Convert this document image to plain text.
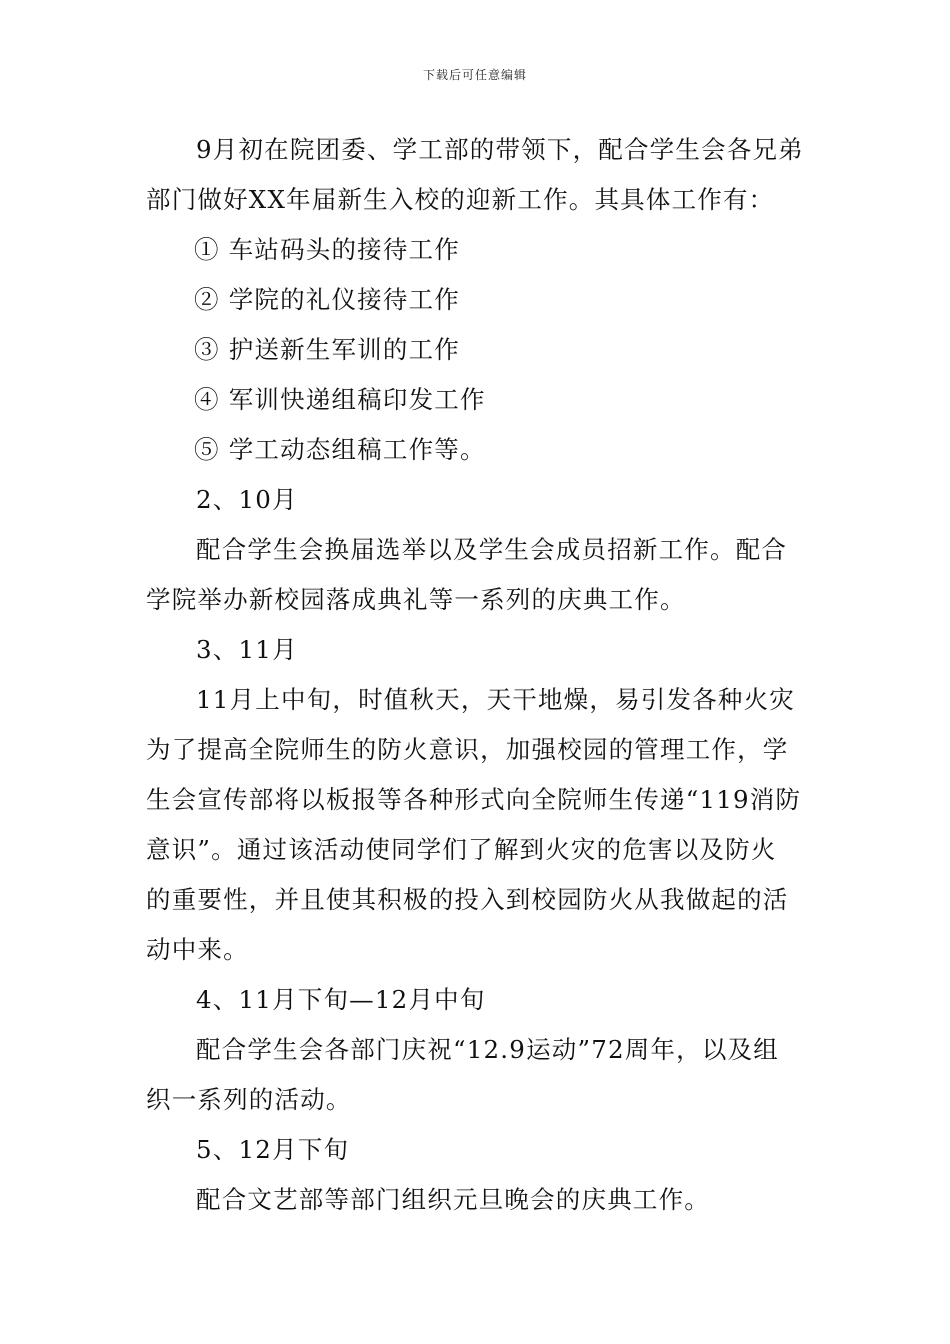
下载后可任意编辑
9月初在院团委、学工部的带领下，配合学生会各兄弟
部门做好XX年届新生入校的迎新工作。其具体工作有：
① 车站码头的接待工作
② 学院的礼仪接待工作
③ 护送新生军训的工作
④ 军训快递组稿印发工作
⑤ 学工动态组稿工作等。
2、10月
配合学生会换届选举以及学生会成员招新工作。配合
学院举办新校园落成典礼等一系列的庆典工作。
3、11月
11月上中旬，时值秋天，天干地燥，易引发各种火灾
为了提高全院师生的防火意识，加强校园的管理工作，学
生会宣传部将以板报等各种形式向全院师生传递“119消防
意识”。通过该活动使同学们了解到火灾的危害以及防火
的重要性，并且使其积极的投入到校园防火从我做起的活
动中来。
4、11月下旬—12月中旬
配合学生会各部门庆祝“12.9运动”72周年，以及组
织一系列的活动。
5、12月下旬
配合文艺部等部门组织元旦晚会的庆典工作。
